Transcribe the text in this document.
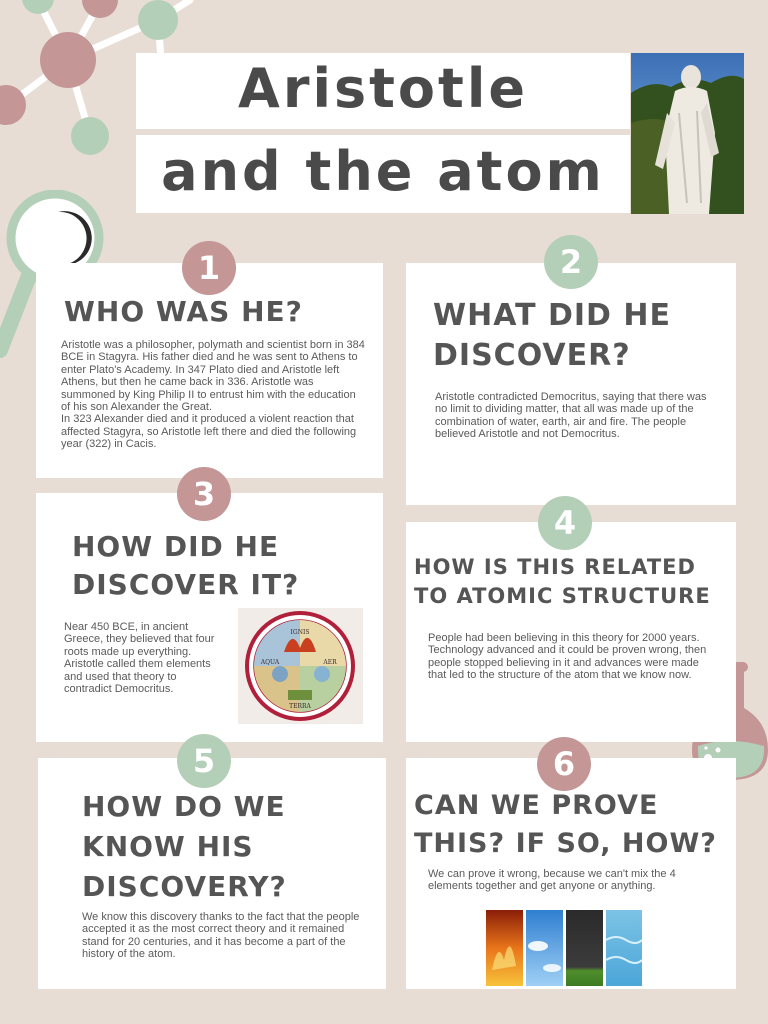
Aristotle
and the atom
1
WHO WAS HE?

Aristotle was a philosopher, polymath and scientist born in 384 BCE in Stagyra. His father died and he was sent to Athens to enter Plato's Academy. In 347 Plato died and Aristotle left Athens, but then he came back in 336. Aristotle was summoned by King Philip II to entrust him with the education of his son Alexander the Great.

In 323 Alexander died and it produced a violent reaction that affected Stagyra, so Aristotle left there and died the following year (322) in Cacis.

2
WHAT DID HE DISCOVER?

Aristotle contradicted Democritus, saying that there was no limit to dividing matter, that all was made up of the combination of water, earth, air and fire. The people believed Aristotle and not Democritus.

3
HOW DID HE DISCOVER IT?

Near 450 BCE, in ancient Greece, they believed that four roots made up everything. Aristotle called them elements and used that theory to contradict Democritus.

IGNIS
AQUA	AER
TERRA
4
HOW IS THIS RELATED TO ATOMIC STRUCTURE

People had been believing in this theory for 2000 years. Technology advanced and it could be proven wrong, then people stopped believing in it and advances were made that led to the structure of the atom that we know now.

5
HOW DO WE KNOW HIS DISCOVERY?

We know this discovery thanks to the fact that the people accepted it as the most correct theory and it remained stand for 20 centuries, and it has become a part of the history of the atom.

6
CAN WE PROVE THIS? IF SO, HOW?

We can prove it wrong, because we can't mix the 4 elements together and get anyone or anything.
